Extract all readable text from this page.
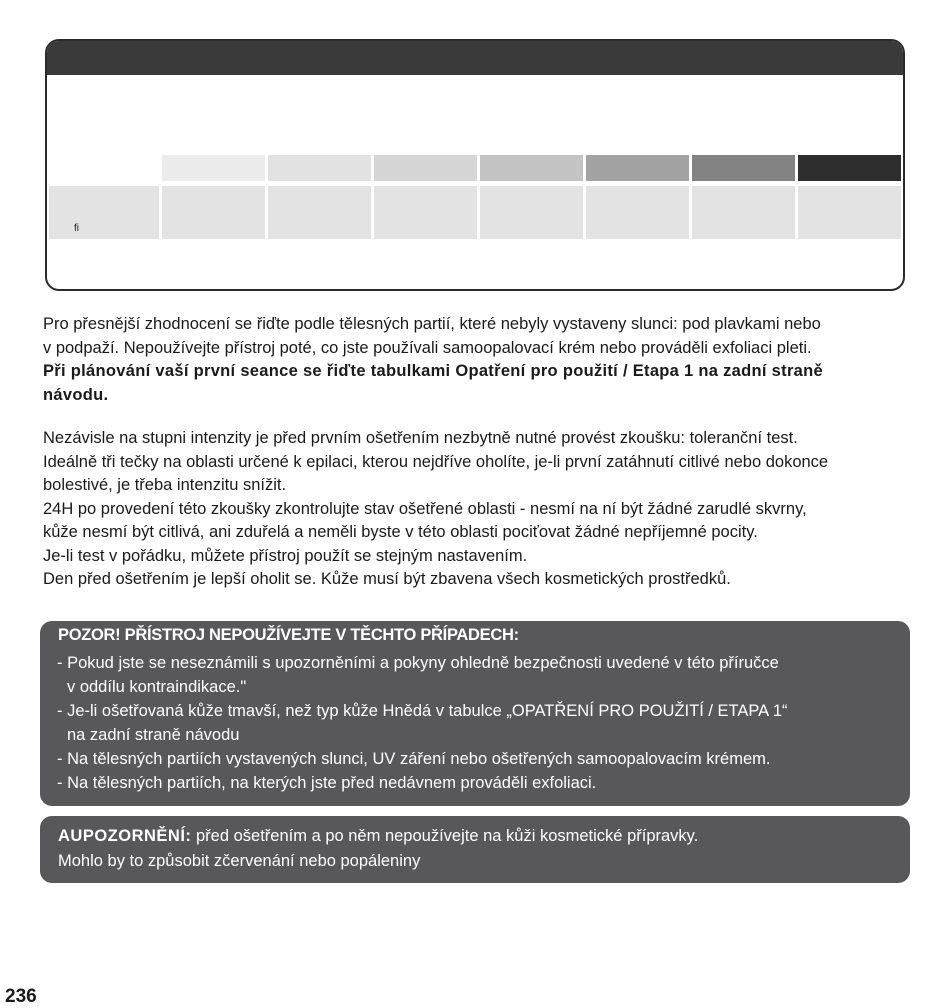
fi

Pro přesnější zhodnocení se řiďte podle tělesných partií, které nebyly vystaveny slunci: pod plavkami nebo
v podpaží. Nepoužívejte přístroj poté, co jste používali samoopalovací krém nebo prováděli exfoliaci pleti.
Při plánování vaší první seance se řiďte tabulkami Opatření pro použití / Etapa 1 na zadní straně
návodu.

Nezávisle na stupni intenzity je před prvním ošetřením nezbytně nutné provést zkoušku: toleranční test.
Ideálně tři tečky na oblasti určené k epilaci, kterou nejdříve oholíte, je-li první zatáhnutí citlivé nebo dokonce
bolestivé, je třeba intenzitu snížit.
24H po provedení této zkoušky zkontrolujte stav ošetřené oblasti - nesmí na ní být žádné zarudlé skvrny,
kůže nesmí být citlivá, ani zduřelá a neměli byste v této oblasti pociťovat žádné nepříjemné pocity.
Je-li test v pořádku, můžete přístroj použít se stejným nastavením.
Den před ošetřením je lepší oholit se. Kůže musí být zbavena všech kosmetických prostředků.

POZOR! PŘÍSTROJ NEPOUŽÍVEJTE V TĚCHTO PŘÍPADECH:
- Pokud jste se neseznámili s upozorněními a pokyny ohledně bezpečnosti uvedené v této příručce
v oddílu kontraindikace."
- Je-li ošetřovaná kůže tmavší, než typ kůže Hnědá v tabulce „OPATŘENÍ PRO POUŽITÍ / ETAPA 1“
na zadní straně návodu
- Na tělesných partiích vystavených slunci, UV záření nebo ošetřených samoopalovacím krémem.
- Na tělesných partiích, na kterých jste před nedávnem prováděli exfoliaci.
AUPOZORNĚNÍ: před ošetřením a po něm nepoužívejte na kůži kosmetické přípravky.
Mohlo by to způsobit zčervenání nebo popáleniny
236
